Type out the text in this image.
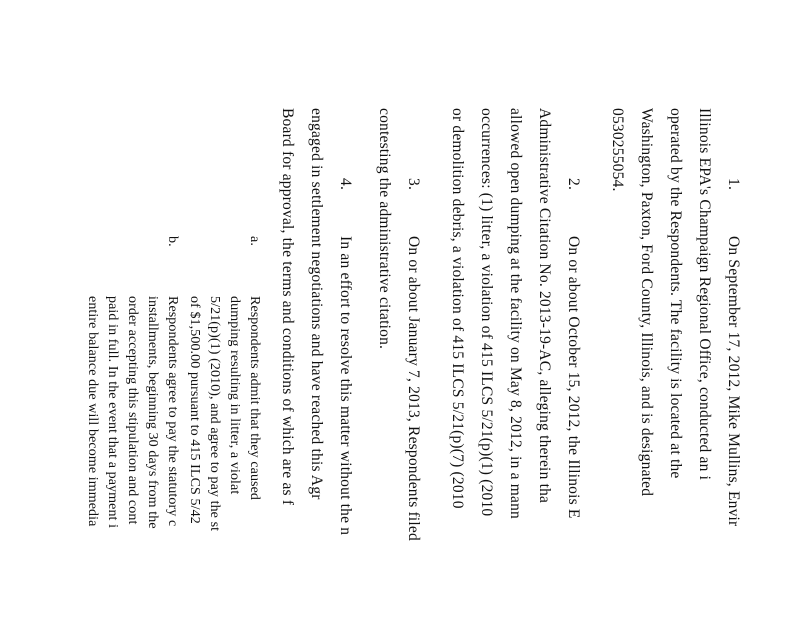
1.
On September 17, 2012, Mike Mullins, Envir
Illinois EPA's Champaign Regional Office, conducted an i
operated by the Respondents. The facility is located at the
Washington, Paxton, Ford County, Illinois, and is designated
0530255054.
2.
On or about October 15, 2012, the Illinois E
Administrative Citation No. 2013-19-AC, alleging therein tha
allowed open dumping at the facility on May 8, 2012, in a mann
occurrences: (1) litter, a violation of 415 ILCS 5/21(p)(1) (2010
or demolition debris, a violation of 415 ILCS 5/21(p)(7) (2010
3.
On or about January 7, 2013, Respondents filed
contesting the administrative citation.
4.
In an effort to resolve this matter without the n
engaged in settlement negotiations and have reached this Agr
Board for approval, the terms and conditions of which are as f
a.
Respondents admit that they caused
dumping resulting in litter, a violat
5/21(p)(1) (2010), and agree to pay the st
of $1,500.00 pursuant to 415 ILCS 5/42
b.
Respondents agree to pay the statutory c
installments, beginning 30 days from the
order accepting this stipulation and cont
paid in full. In the event that a payment i
entire balance due will become immedia
